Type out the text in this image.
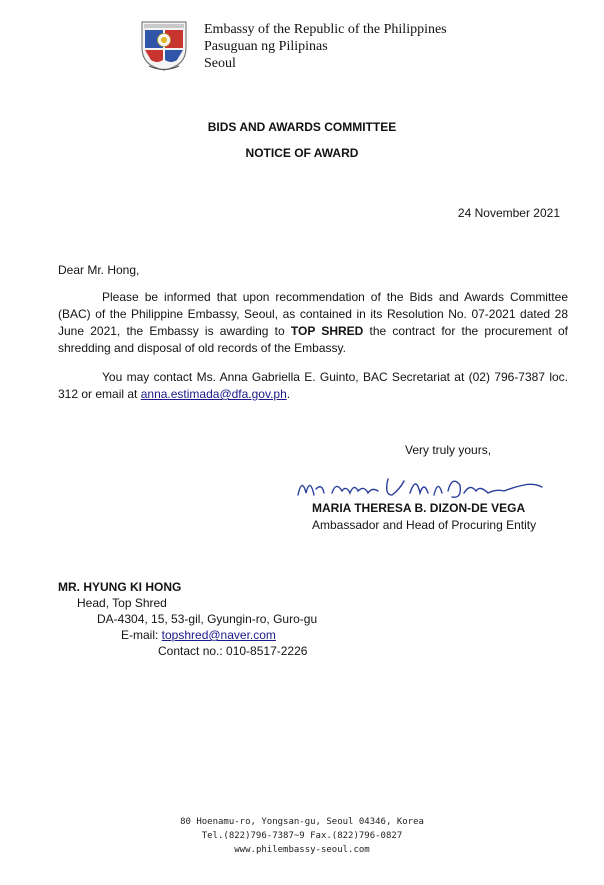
Embassy of the Republic of the Philippines
Pasuguan ng Pilipinas
Seoul
BIDS AND AWARDS COMMITTEE
NOTICE OF AWARD
24 November 2021
Dear Mr. Hong,
Please be informed that upon recommendation of the Bids and Awards Committee (BAC) of the Philippine Embassy, Seoul, as contained in its Resolution No. 07-2021 dated 28 June 2021, the Embassy is awarding to TOP SHRED the contract for the procurement of shredding and disposal of old records of the Embassy.
You may contact Ms. Anna Gabriella E. Guinto, BAC Secretariat at (02) 796-7387 loc. 312 or email at anna.estimada@dfa.gov.ph.
Very truly yours,
MARIA THERESA B. DIZON-DE VEGA
Ambassador and Head of Procuring Entity
MR. HYUNG KI HONG
Head, Top Shred
DA-4304, 15, 53-gil, Gyungin-ro, Guro-gu
E-mail: topshred@naver.com
Contact no.: 010-8517-2226
80 Hoenamu-ro, Yongsan-gu, Seoul 04346, Korea
Tel.(822)796-7387~9 Fax.(822)796-0827
www.philembassy-seoul.com
